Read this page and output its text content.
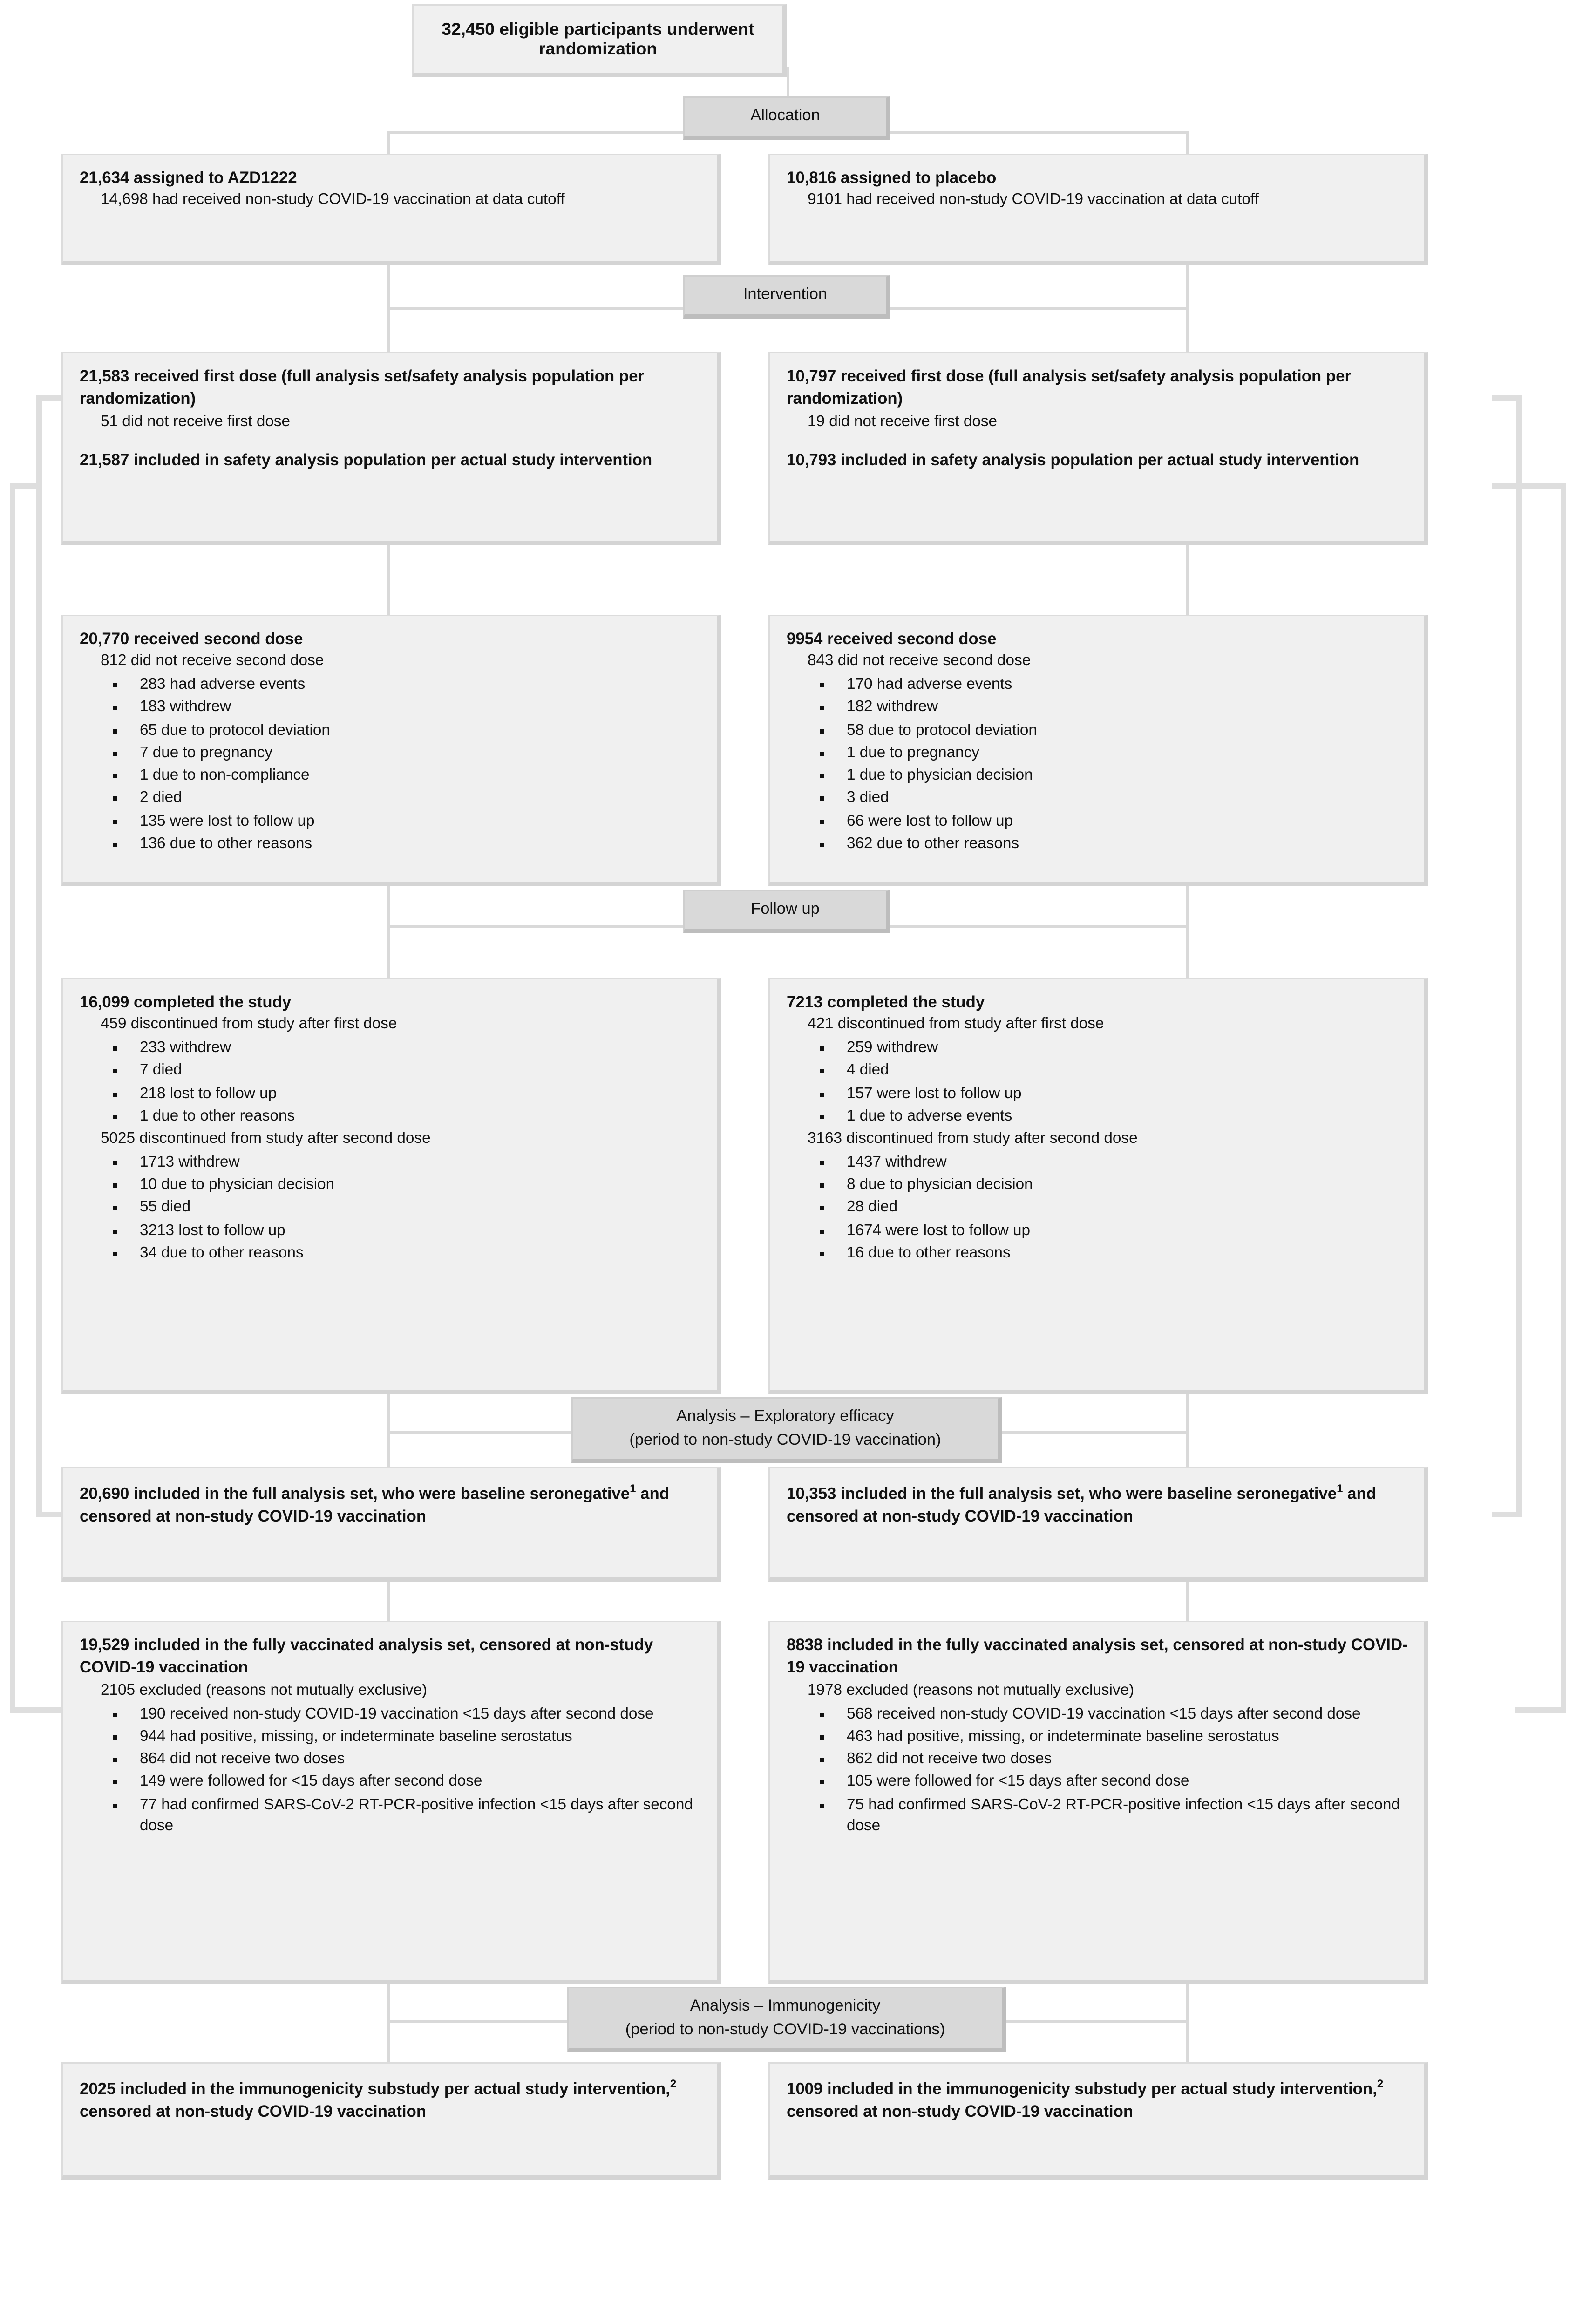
32,450 eligible participants underwent randomization
Allocation

21,634 assigned to AZD1222

14,698 had received non-study COVID-19 vaccination at data cutoff

10,816 assigned to placebo

9101 had received non-study COVID-19 vaccination at data cutoff

Intervention

21,583 received first dose (full analysis set/safety analysis population per randomization)

51 did not receive first dose

21,587 included in safety analysis population per actual study intervention

10,797 received first dose (full analysis set/safety analysis population per randomization)

19 did not receive first dose

10,793 included in safety analysis population per actual study intervention

20,770 received second dose

812 did not receive second dose

283 had adverse events
183 withdrew
65 due to protocol deviation
7 due to pregnancy
1 due to non-compliance
2 died
135 were lost to follow up
136 due to other reasons

9954 received second dose

843 did not receive second dose

170 had adverse events
182 withdrew
58 due to protocol deviation
1 due to pregnancy
1 due to physician decision
3 died
66 were lost to follow up
362 due to other reasons
Follow up

16,099 completed the study

459 discontinued from study after first dose

233 withdrew
7 died
218 lost to follow up
1 due to other reasons

5025 discontinued from study after second dose

1713 withdrew
10 due to physician decision
55 died
3213 lost to follow up
34 due to other reasons

7213 completed the study

421 discontinued from study after first dose

259 withdrew
4 died
157 were lost to follow up
1 due to adverse events

3163 discontinued from study after second dose

1437 withdrew
8 due to physician decision
28 died
1674 were lost to follow up
16 due to other reasons
Analysis – Exploratory efficacy
(period to non-study COVID-19 vaccination)

20,690 included in the full analysis set, who were baseline seronegative$^1$ and censored at non-study COVID-19 vaccination

10,353 included in the full analysis set, who were baseline seronegative$^1$ and censored at non-study COVID-19 vaccination

19,529 included in the fully vaccinated analysis set, censored at non-study COVID-19 vaccination

2105 excluded (reasons not mutually exclusive)

190 received non-study COVID-19 vaccination <15 days after second dose
944 had positive, missing, or indeterminate baseline serostatus
864 did not receive two doses
149 were followed for <15 days after second dose
77 had confirmed SARS-CoV-2 RT-PCR-positive infection <15 days after second dose

8838 included in the fully vaccinated analysis set, censored at non-study COVID-19 vaccination

1978 excluded (reasons not mutually exclusive)

568 received non-study COVID-19 vaccination <15 days after second dose
463 had positive, missing, or indeterminate baseline serostatus
862 did not receive two doses
105 were followed for <15 days after second dose
75 had confirmed SARS-CoV-2 RT-PCR-positive infection <15 days after second dose
Analysis – Immunogenicity
(period to non-study COVID-19 vaccinations)

2025 included in the immunogenicity substudy per actual study intervention,$^2$ censored at non-study COVID-19 vaccination

1009 included in the immunogenicity substudy per actual study intervention,$^2$ censored at non-study COVID-19 vaccination
